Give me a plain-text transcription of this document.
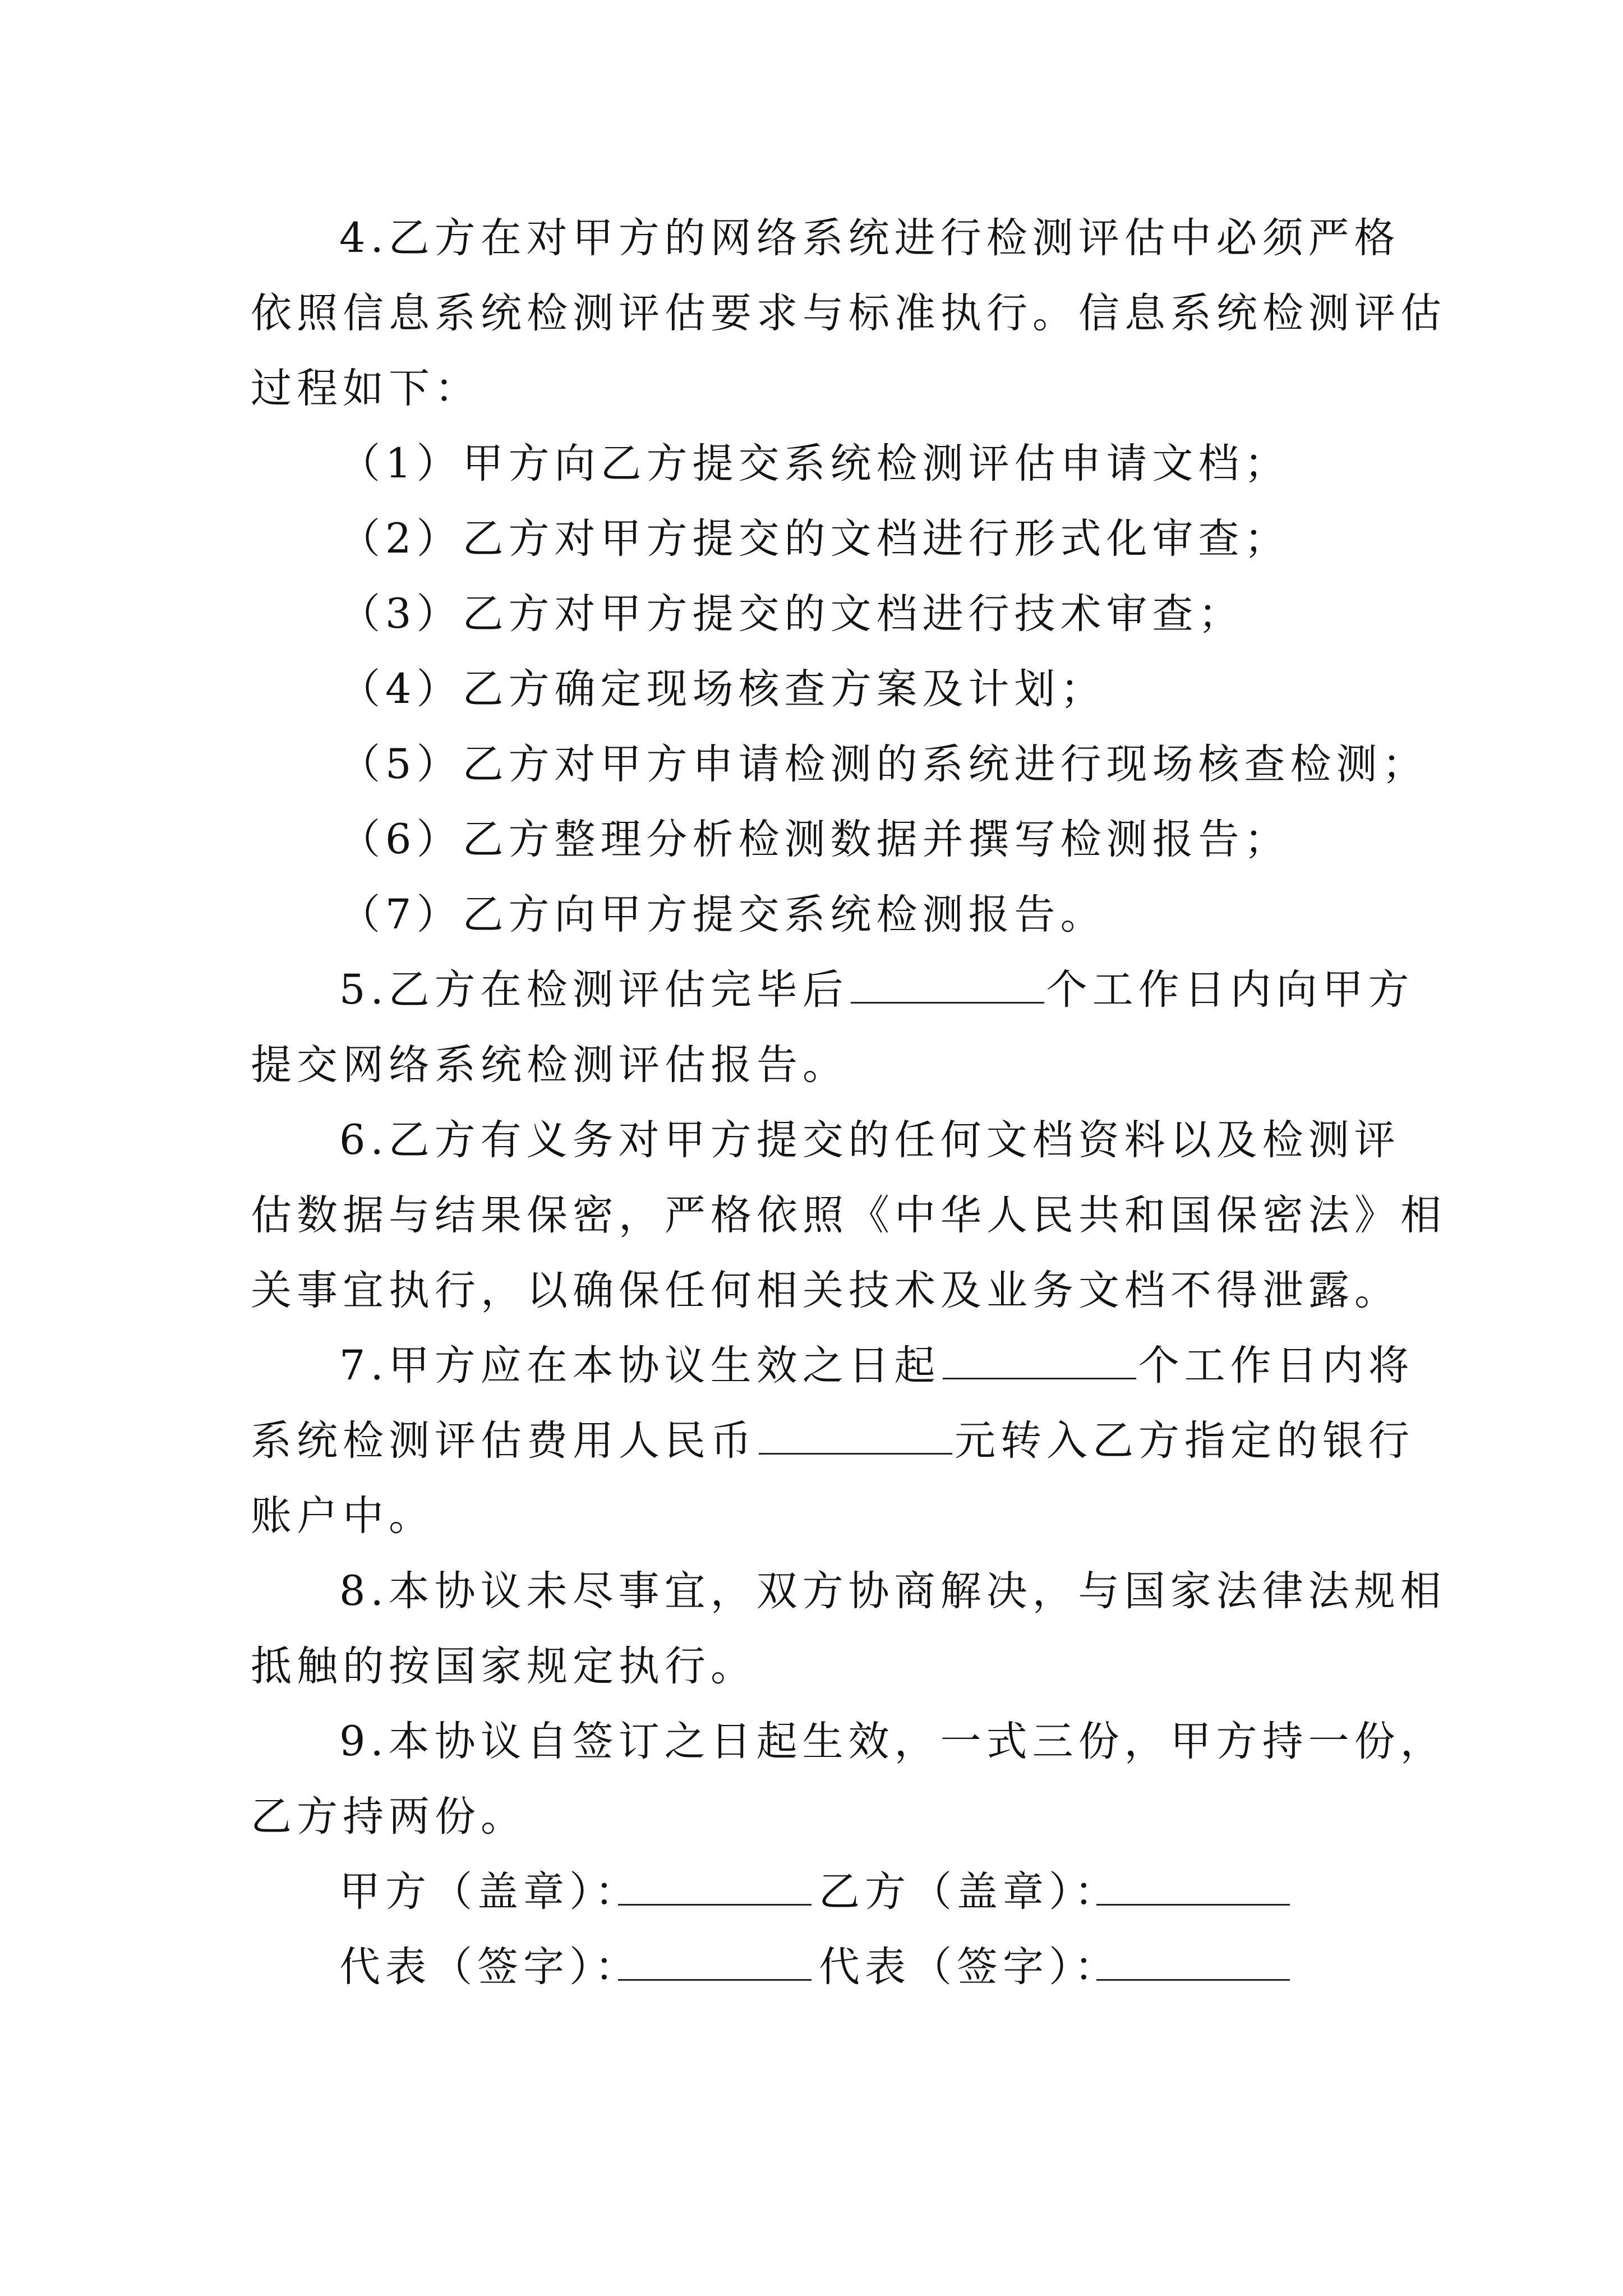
4.乙方在对甲方的网络系统进行检测评估中必须严格
依照信息系统检测评估要求与标准执行。信息系统检测评估
过程如下：
（1）甲方向乙方提交系统检测评估申请文档；
（2）乙方对甲方提交的文档进行形式化审查；
（3）乙方对甲方提交的文档进行技术审查；
（4）乙方确定现场核查方案及计划；
（5）乙方对甲方申请检测的系统进行现场核查检测；
（6）乙方整理分析检测数据并撰写检测报告；
（7）乙方向甲方提交系统检测报告。
5.乙方在检测评估完毕后	个工作日内向甲方
提交网络系统检测评估报告。
6.乙方有义务对甲方提交的任何文档资料以及检测评
估数据与结果保密，严格依照《中华人民共和国保密法》相
关事宜执行，以确保任何相关技术及业务文档不得泄露。
7.甲方应在本协议生效之日起	个工作日内将
系统检测评估费用人民币	元转入乙方指定的银行
账户中。
8.本协议未尽事宜，双方协商解决，与国家法律法规相
抵触的按国家规定执行。
9.本协议自签订之日起生效，一式三份，甲方持一份，
乙方持两份。
甲方（盖章）：	乙方（盖章）：
代表（签字）：	代表（签字）：
